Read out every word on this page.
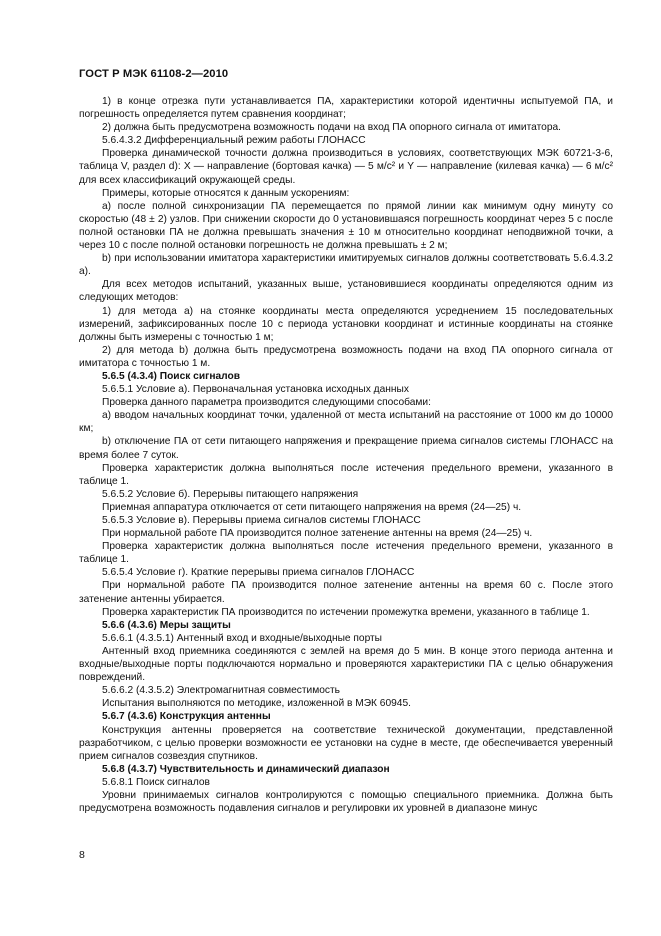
ГОСТ Р МЭК 61108-2—2010

1) в конце отрезка пути устанавливается ПА, характеристики которой идентичны испытуемой ПА, и погрешность определяется путем сравнения координат;

2) должна быть предусмотрена возможность подачи на вход ПА опорного сигнала от имитатора.

5.6.4.3.2 Дифференциальный режим работы ГЛОНАСС

Проверка динамической точности должна производиться в условиях, соответствующих МЭК 60721-3-6, таблица V, раздел d): X — направление (бортовая качка) — 5 м/с² и Y — направление (килевая качка) — 6 м/с² для всех классификаций окружающей среды.

Примеры, которые относятся к данным ускорениям:

a) после полной синхронизации ПА перемещается по прямой линии как минимум одну минуту со скоростью (48 ± 2) узлов. При снижении скорости до 0 установившаяся погрешность координат через 5 с после полной остановки ПА не должна превышать значения ± 10 м относительно координат неподвижной точки, а через 10 с после полной остановки погрешность не должна превышать ± 2 м;

b) при использовании имитатора характеристики имитируемых сигналов должны соответствовать 5.6.4.3.2 а).

Для всех методов испытаний, указанных выше, установившиеся координаты определяются одним из следующих методов:

1) для метода а) на стоянке координаты места определяются усреднением 15 последовательных измерений, зафиксированных после 10 с периода установки координат и истинные координаты на стоянке должны быть измерены с точностью 1 м;

2) для метода b) должна быть предусмотрена возможность подачи на вход ПА опорного сигнала от имитатора с точностью 1 м.

5.6.5 (4.3.4) Поиск сигналов

5.6.5.1 Условие а). Первоначальная установка исходных данных

Проверка данного параметра производится следующими способами:

a) вводом начальных координат точки, удаленной от места испытаний на расстояние от 1000 км до 10000 км;

b) отключение ПА от сети питающего напряжения и прекращение приема сигналов системы ГЛОНАСС на время более 7 суток.

Проверка характеристик должна выполняться после истечения предельного времени, указанного в таблице 1.

5.6.5.2 Условие б). Перерывы питающего напряжения

Приемная аппаратура отключается от сети питающего напряжения на время (24—25) ч.

5.6.5.3 Условие в). Перерывы приема сигналов системы ГЛОНАСС

При нормальной работе ПА производится полное затенение антенны на время (24—25) ч.

Проверка характеристик должна выполняться после истечения предельного времени, указанного в таблице 1.

5.6.5.4 Условие г). Краткие перерывы приема сигналов ГЛОНАСС

При нормальной работе ПА производится полное затенение антенны на время 60 с. После этого затенение антенны убирается.

Проверка характеристик ПА производится по истечении промежутка времени, указанного в таблице 1.

5.6.6 (4.3.6) Меры защиты

5.6.6.1 (4.3.5.1) Антенный вход и входные/выходные порты

Антенный вход приемника соединяются с землей на время до 5 мин. В конце этого периода антенна и входные/выходные порты подключаются нормально и проверяются характеристики ПА с целью обнаружения повреждений.

5.6.6.2 (4.3.5.2) Электромагнитная совместимость

Испытания выполняются по методике, изложенной в МЭК 60945.

5.6.7 (4.3.6) Конструкция антенны

Конструкция антенны проверяется на соответствие технической документации, представленной разработчиком, с целью проверки возможности ее установки на судне в месте, где обеспечивается уверенный прием сигналов созвездия спутников.

5.6.8 (4.3.7) Чувствительность и динамический диапазон

5.6.8.1 Поиск сигналов

Уровни принимаемых сигналов контролируются с помощью специального приемника. Должна быть предусмотрена возможность подавления сигналов и регулировки их уровней в диапазоне минус

8
